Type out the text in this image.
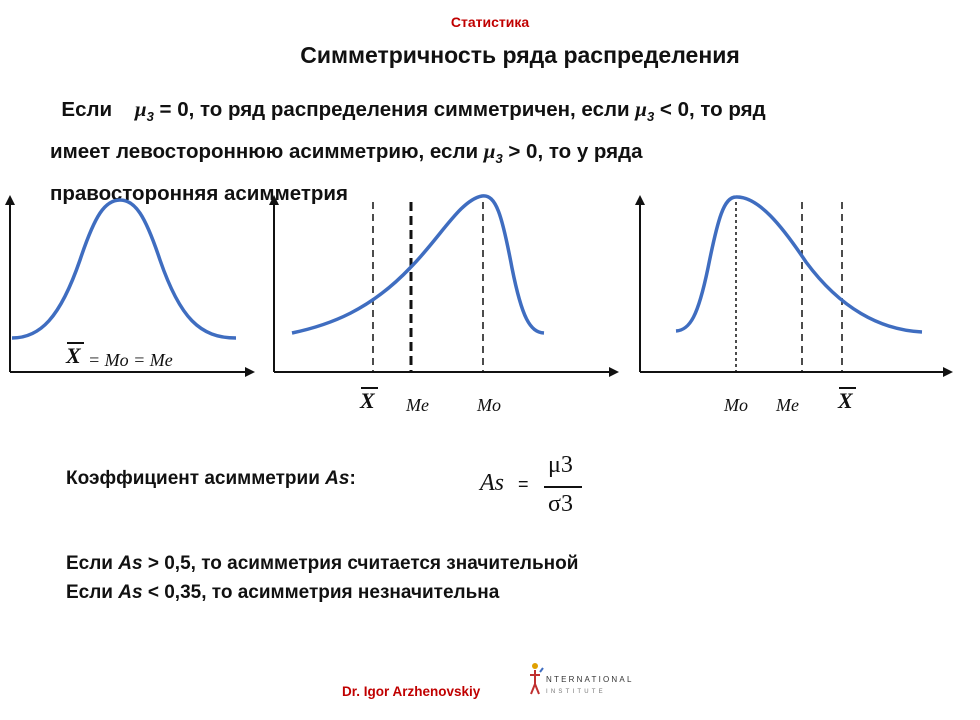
Статистика
Симметричность ряда распределения
Если $\mu_3 = 0$, то ряд распределения симметричен, если $\mu_3 < 0$, то ряд
имеет левостороннюю асимметрию, если $\mu_3 > 0$, то у ряда
правосторонняя асимметрия
X = Mo = Me
X Me	Mo	Mo Me X
Коэффициент асимметрии As:	As =
μ3
σ3
Если As > 0,5, то асимметрия считается значительной
Если As < 0,35, то асимметрия незначительна
Dr. Igor Arzhenovskiy
NTERNATIONAL
INSTITUTE
